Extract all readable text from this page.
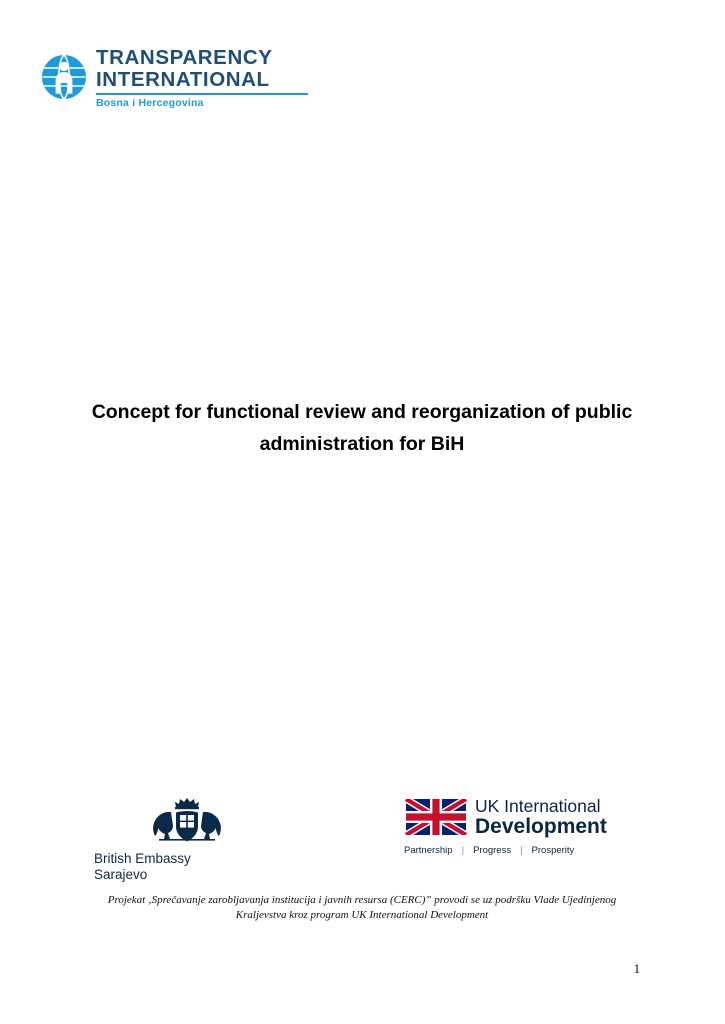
TRANSPARENCY
INTERNATIONAL
Bosna i Hercegovina
Concept for functional review and reorganization of public administration for BiH
British Embassy
Sarajevo
UK International
Development
Partnership | Progress | Prosperity
Projekat ‚Sprečavanje zarobljavanja institucija i javnih resursa (CERC)” provodi se uz podršku Vlade Ujedinjenog Kraljevstva kroz program UK International Development
1
